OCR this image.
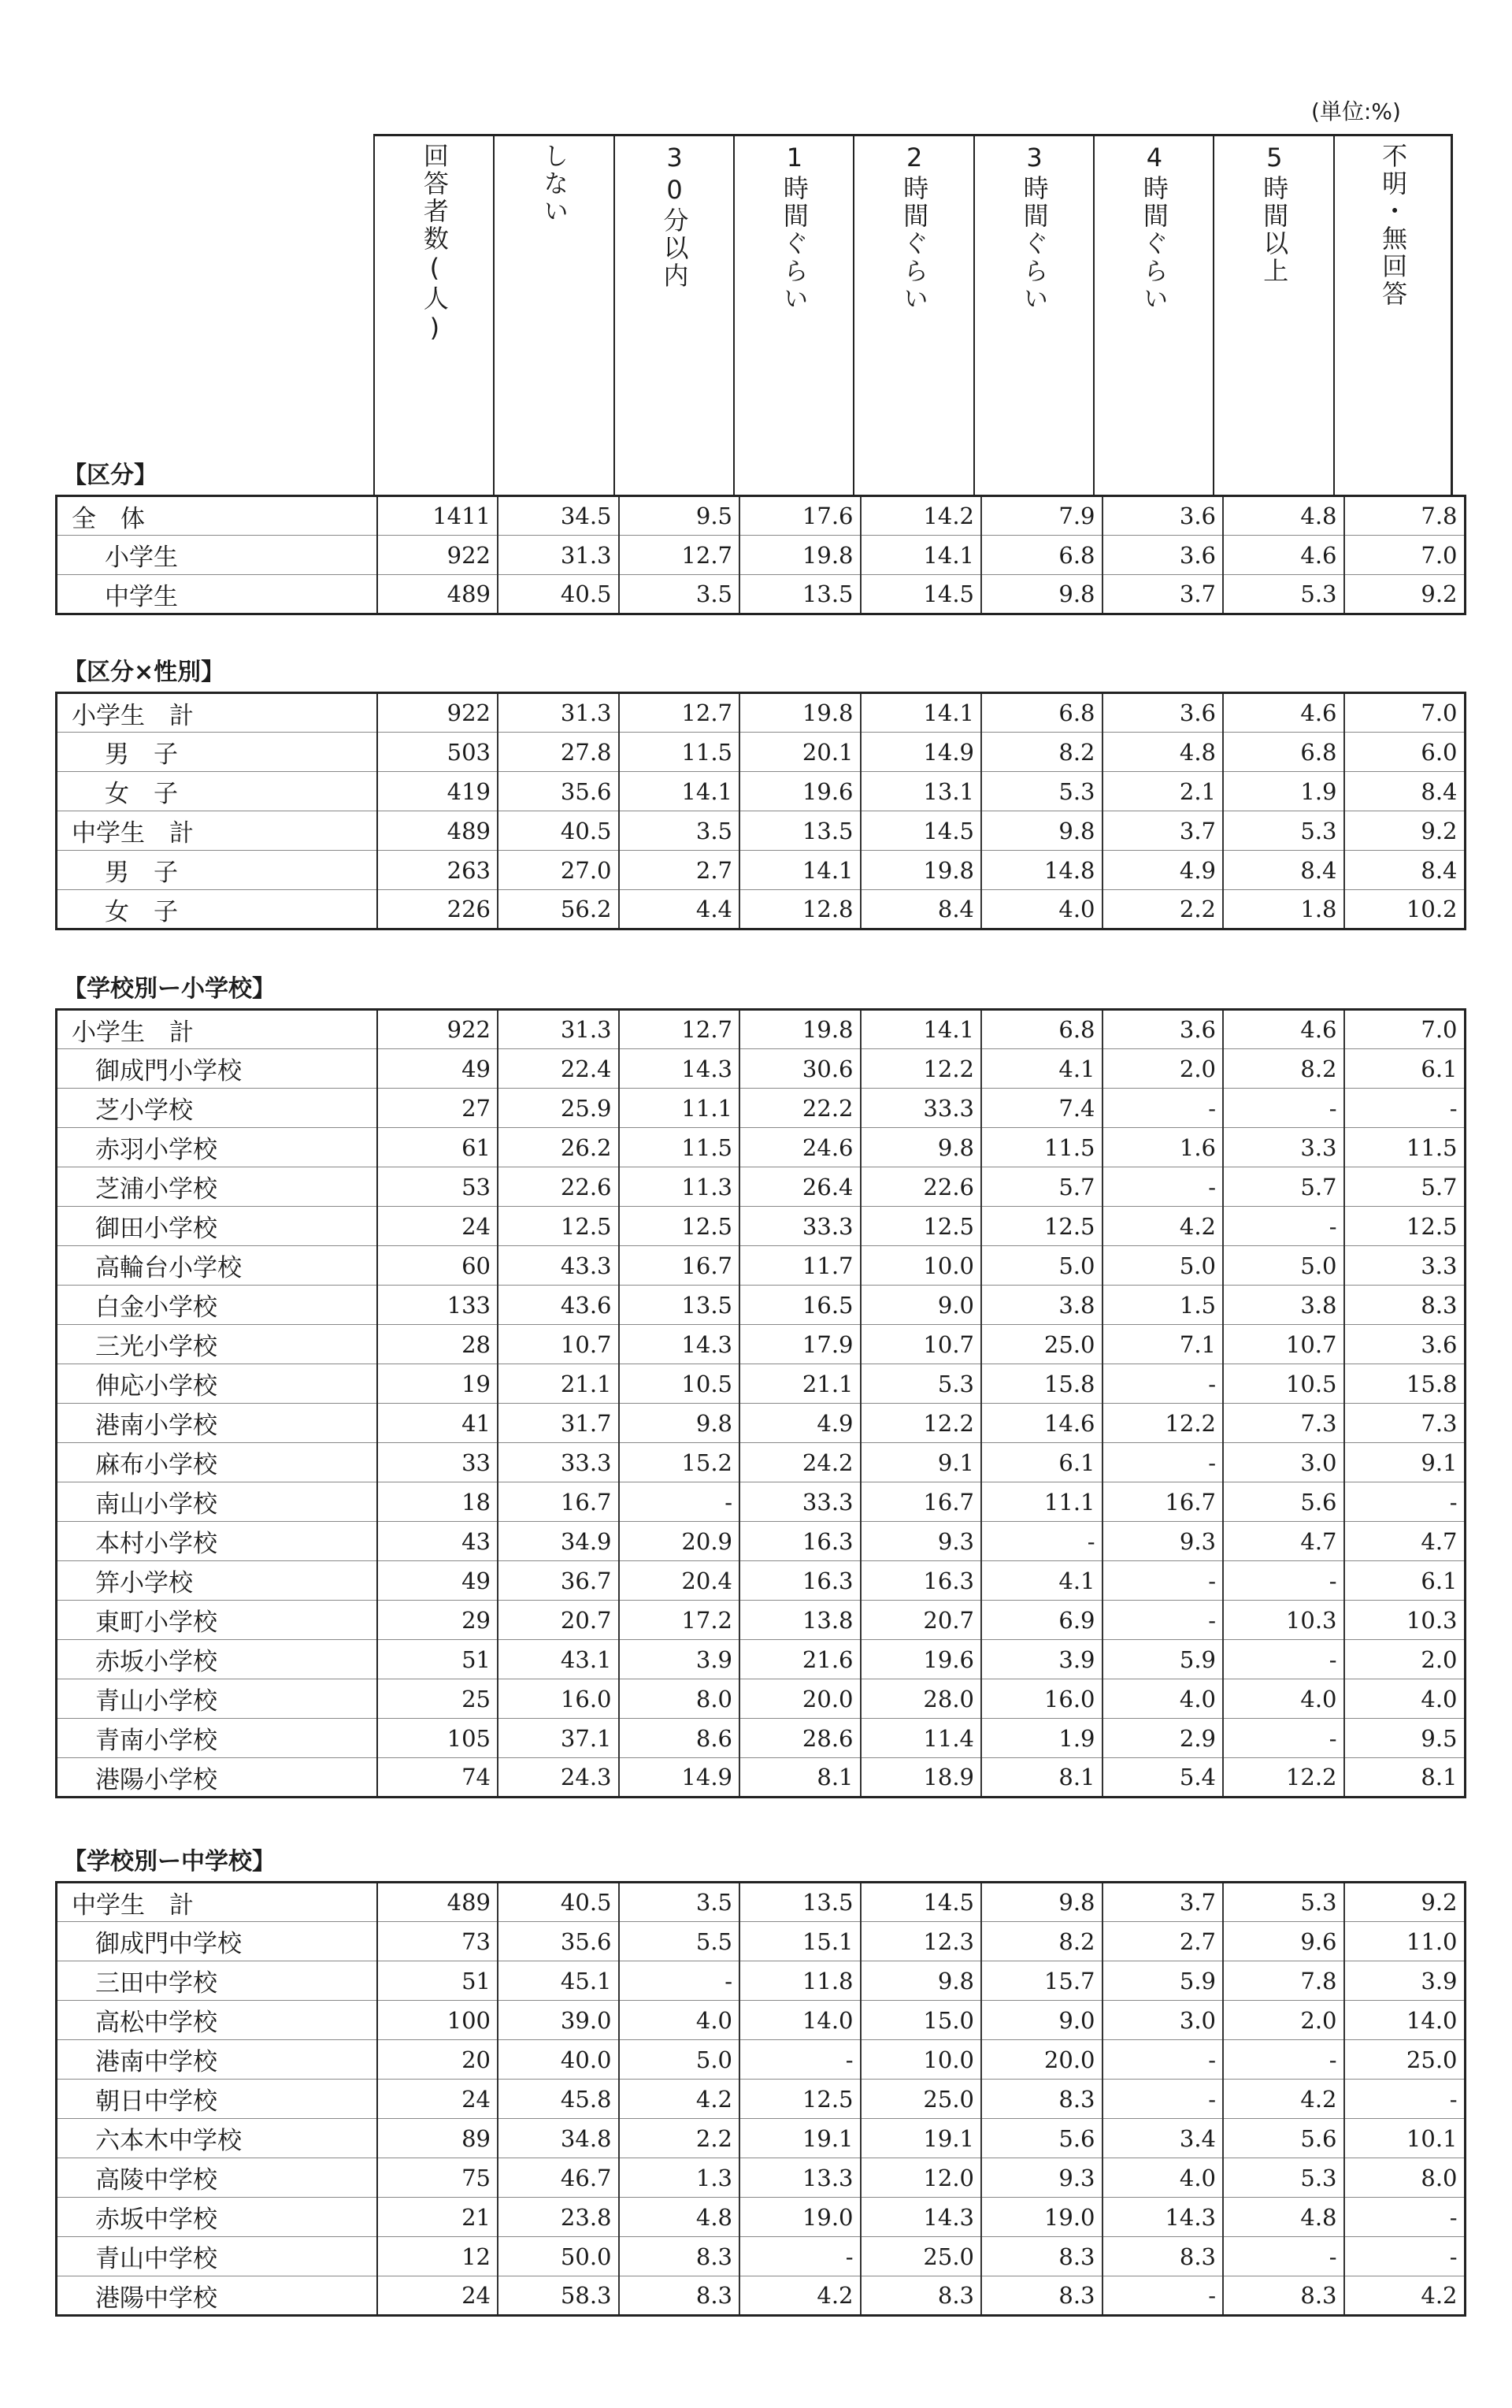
(単位:%)
【区分】
回答者数(人)	しない	30分以内	1時間ぐらい	2時間ぐらい	3時間ぐらい	4時間ぐらい	5時間以上	不明・無回答
全　体	1411	34.5	9.5	17.6	14.2	7.9	3.6	4.8	7.8
小学生	922	31.3	12.7	19.8	14.1	6.8	3.6	4.6	7.0
中学生	489	40.5	3.5	13.5	14.5	9.8	3.7	5.3	9.2
【区分×性別】
小学生　計	922	31.3	12.7	19.8	14.1	6.8	3.6	4.6	7.0
男　子	503	27.8	11.5	20.1	14.9	8.2	4.8	6.8	6.0
女　子	419	35.6	14.1	19.6	13.1	5.3	2.1	1.9	8.4
中学生　計	489	40.5	3.5	13.5	14.5	9.8	3.7	5.3	9.2
男　子	263	27.0	2.7	14.1	19.8	14.8	4.9	8.4	8.4
女　子	226	56.2	4.4	12.8	8.4	4.0	2.2	1.8	10.2
【学校別ー小学校】
小学生　計	922	31.3	12.7	19.8	14.1	6.8	3.6	4.6	7.0
御成門小学校	49	22.4	14.3	30.6	12.2	4.1	2.0	8.2	6.1
芝小学校	27	25.9	11.1	22.2	33.3	7.4	-	-	-
赤羽小学校	61	26.2	11.5	24.6	9.8	11.5	1.6	3.3	11.5
芝浦小学校	53	22.6	11.3	26.4	22.6	5.7	-	5.7	5.7
御田小学校	24	12.5	12.5	33.3	12.5	12.5	4.2	-	12.5
高輪台小学校	60	43.3	16.7	11.7	10.0	5.0	5.0	5.0	3.3
白金小学校	133	43.6	13.5	16.5	9.0	3.8	1.5	3.8	8.3
三光小学校	28	10.7	14.3	17.9	10.7	25.0	7.1	10.7	3.6
伸応小学校	19	21.1	10.5	21.1	5.3	15.8	-	10.5	15.8
港南小学校	41	31.7	9.8	4.9	12.2	14.6	12.2	7.3	7.3
麻布小学校	33	33.3	15.2	24.2	9.1	6.1	-	3.0	9.1
南山小学校	18	16.7	-	33.3	16.7	11.1	16.7	5.6	-
本村小学校	43	34.9	20.9	16.3	9.3	-	9.3	4.7	4.7
笄小学校	49	36.7	20.4	16.3	16.3	4.1	-	-	6.1
東町小学校	29	20.7	17.2	13.8	20.7	6.9	-	10.3	10.3
赤坂小学校	51	43.1	3.9	21.6	19.6	3.9	5.9	-	2.0
青山小学校	25	16.0	8.0	20.0	28.0	16.0	4.0	4.0	4.0
青南小学校	105	37.1	8.6	28.6	11.4	1.9	2.9	-	9.5
港陽小学校	74	24.3	14.9	8.1	18.9	8.1	5.4	12.2	8.1
【学校別ー中学校】
中学生　計	489	40.5	3.5	13.5	14.5	9.8	3.7	5.3	9.2
御成門中学校	73	35.6	5.5	15.1	12.3	8.2	2.7	9.6	11.0
三田中学校	51	45.1	-	11.8	9.8	15.7	5.9	7.8	3.9
高松中学校	100	39.0	4.0	14.0	15.0	9.0	3.0	2.0	14.0
港南中学校	20	40.0	5.0	-	10.0	20.0	-	-	25.0
朝日中学校	24	45.8	4.2	12.5	25.0	8.3	-	4.2	-
六本木中学校	89	34.8	2.2	19.1	19.1	5.6	3.4	5.6	10.1
高陵中学校	75	46.7	1.3	13.3	12.0	9.3	4.0	5.3	8.0
赤坂中学校	21	23.8	4.8	19.0	14.3	19.0	14.3	4.8	-
青山中学校	12	50.0	8.3	-	25.0	8.3	8.3	-	-
港陽中学校	24	58.3	8.3	4.2	8.3	8.3	-	8.3	4.2
